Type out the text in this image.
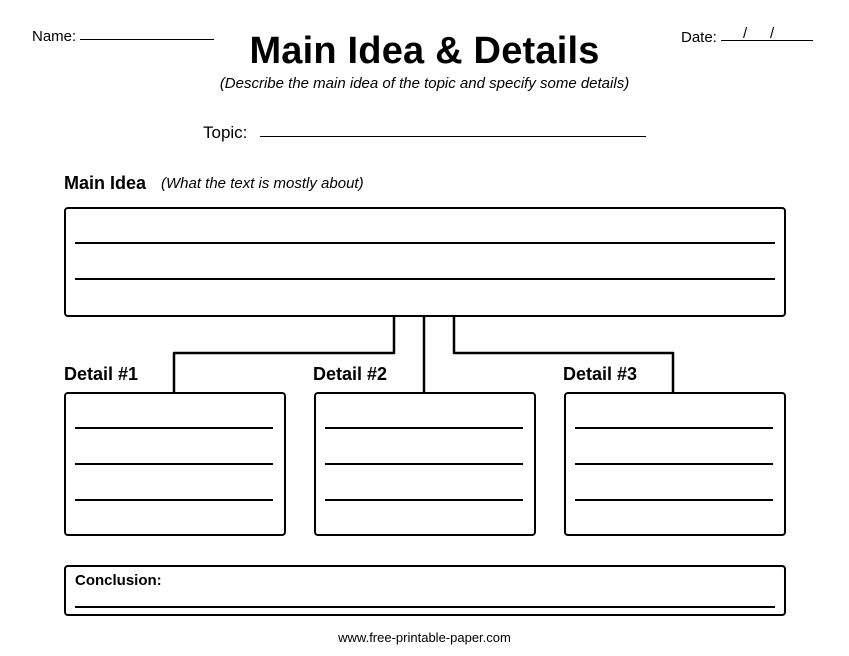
Name:	Main Idea & Details
(Describe the main idea of the topic and specify some details)
Date: / /
Topic:
Main Idea (What the text is mostly about)
Detail #1	Detail #2	Detail #3
Conclusion:
www.free-printable-paper.com
